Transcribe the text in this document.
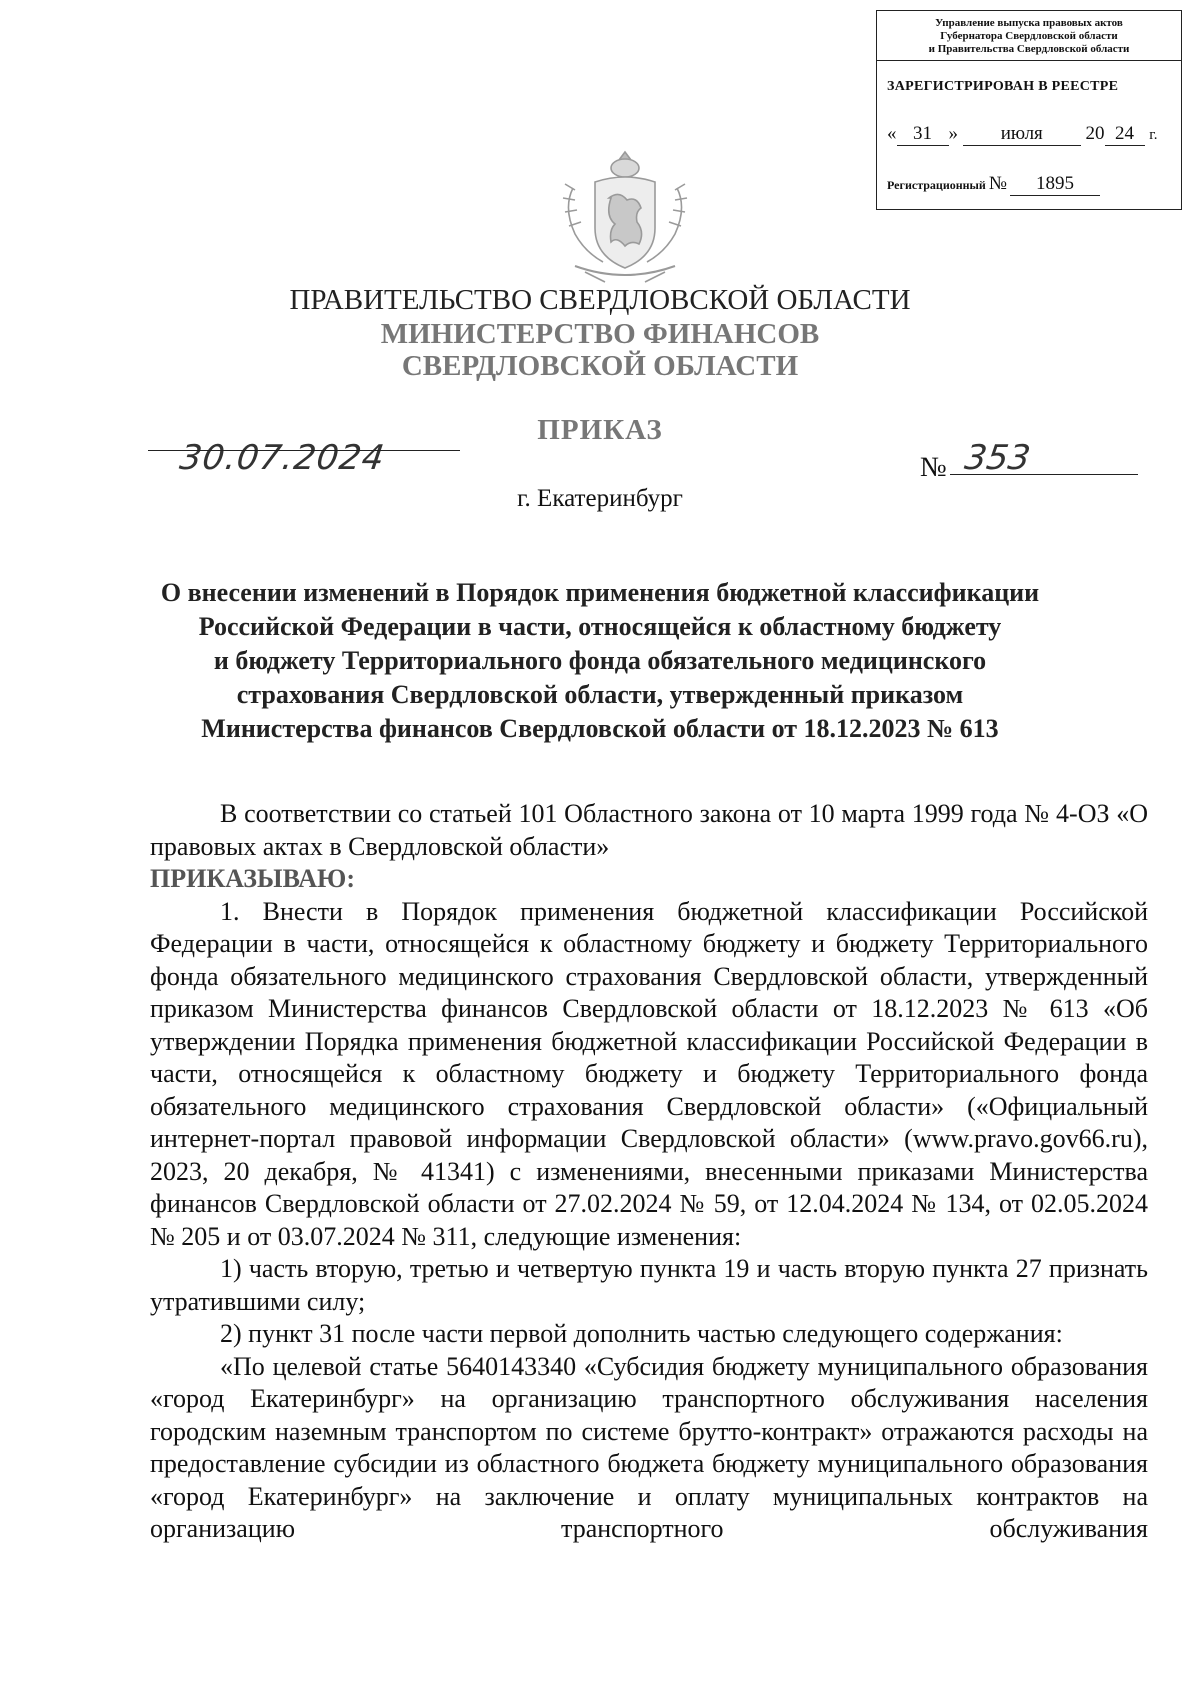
Управление выпуска правовых актов
Губернатора Свердловской области
и Правительства Свердловской области
ЗАРЕГИСТРИРОВАН В РЕЕСТРЕ
« 31 » июля 20 24 г.
Регистрационный № 1895
ПРАВИТЕЛЬСТВО СВЕРДЛОВСКОЙ ОБЛАСТИ
МИНИСТЕРСТВО ФИНАНСОВ
СВЕРДЛОВСКОЙ ОБЛАСТИ
ПРИКАЗ
30.07.2024	№ 353
г. Екатеринбург
О внесении изменений в Порядок применения бюджетной классификации
Российской Федерации в части, относящейся к областному бюджету
и бюджету Территориального фонда обязательного медицинского
страхования Свердловской области, утвержденный приказом
Министерства финансов Свердловской области от 18.12.2023 № 613

В соответствии со статьей 101 Областного закона от 10 марта 1999 года № 4-ОЗ «О правовых актах в Свердловской области»

ПРИКАЗЫВАЮ:

1. Внести в Порядок применения бюджетной классификации Российской Федерации в части, относящейся к областному бюджету и бюджету Территориального фонда обязательного медицинского страхования Свердловской области, утвержденный приказом Министерства финансов Свердловской области от 18.12.2023 № 613 «Об утверждении Порядка применения бюджетной классификации Российской Федерации в части, относящейся к областному бюджету и бюджету Территориального фонда обязательного медицинского страхования Свердловской области» («Официальный интернет-портал правовой информации Свердловской области» (www.pravo.gov66.ru), 2023, 20 декабря, № 41341) с изменениями, внесенными приказами Министерства финансов Свердловской области от 27.02.2024 № 59, от 12.04.2024 № 134, от 02.05.2024 № 205 и от 03.07.2024 № 311, следующие изменения:

1) часть вторую, третью и четвертую пункта 19 и часть вторую пункта 27 признать утратившими силу;

2) пункт 31 после части первой дополнить частью следующего содержания:

«По целевой статье 5640143340 «Субсидия бюджету муниципального образования «город Екатеринбург» на организацию транспортного обслуживания населения городским наземным транспортом по системе брутто-контракт» отражаются расходы на предоставление субсидии из областного бюджета бюджету муниципального образования «город Екатеринбург» на заключение и оплату муниципальных контрактов на организацию транспортного обслуживания
